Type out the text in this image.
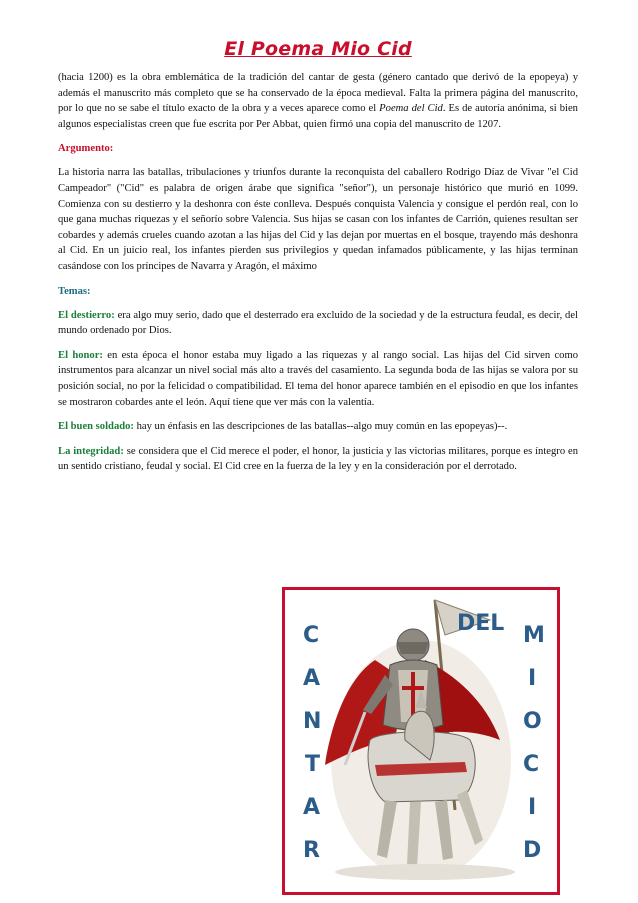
El Poema Mio Cid

(hacia 1200) es la obra emblemática de la tradición del cantar de gesta (género cantado que derivó de la epopeya) y además el manuscrito más completo que se ha conservado de la época medieval. Falta la primera página del manuscrito, por lo que no se sabe el título exacto de la obra y a veces aparece como el Poema del Cid. Es de autoría anónima, si bien algunos especialistas creen que fue escrita por Per Abbat, quien firmó una copia del manuscrito de 1207.

Argumento:

La historia narra las batallas, tribulaciones y triunfos durante la reconquista del caballero Rodrigo Díaz de Vivar "el Cid Campeador" ("Cid" es palabra de origen árabe que significa "señor"), un personaje histórico que murió en 1099. Comienza con su destierro y la deshonra con éste conlleva. Después conquista Valencia y consigue el perdón real, con lo que gana muchas riquezas y el señorío sobre Valencia. Sus hijas se casan con los infantes de Carrión, quienes resultan ser cobardes y además crueles cuando azotan a las hijas del Cid y las dejan por muertas en el bosque, trayendo más deshonra al Cid. En un juicio real, los infantes pierden sus privilegios y quedan infamados públicamente, y las hijas terminan casándose con los príncipes de Navarra y Aragón, el máximo

Temas:

El destierro: era algo muy serio, dado que el desterrado era excluido de la sociedad y de la estructura feudal, es decir, del mundo ordenado por Dios.

El honor: en esta época el honor estaba muy ligado a las riquezas y al rango social. Las hijas del Cid sirven como instrumentos para alcanzar un nivel social más alto a través del casamiento. La segunda boda de las hijas se valora por su posición social, no por la felicidad o compatibilidad. El tema del honor aparece también en el episodio en que los infantes se mostraron cobardes ante el león. Aquí tiene que ver más con la valentía.

El buen soldado: hay un énfasis en las descripciones de las batallas--algo muy común en las epopeyas)--.

La integridad: se considera que el Cid merece el poder, el honor, la justicia y las victorias militares, porque es íntegro en un sentido cristiano, feudal y social. El Cid cree en la fuerza de la ley y en la consideración por el derrotado.

C
A
N
T
A
R
DEL M
I
O
C
I
D
